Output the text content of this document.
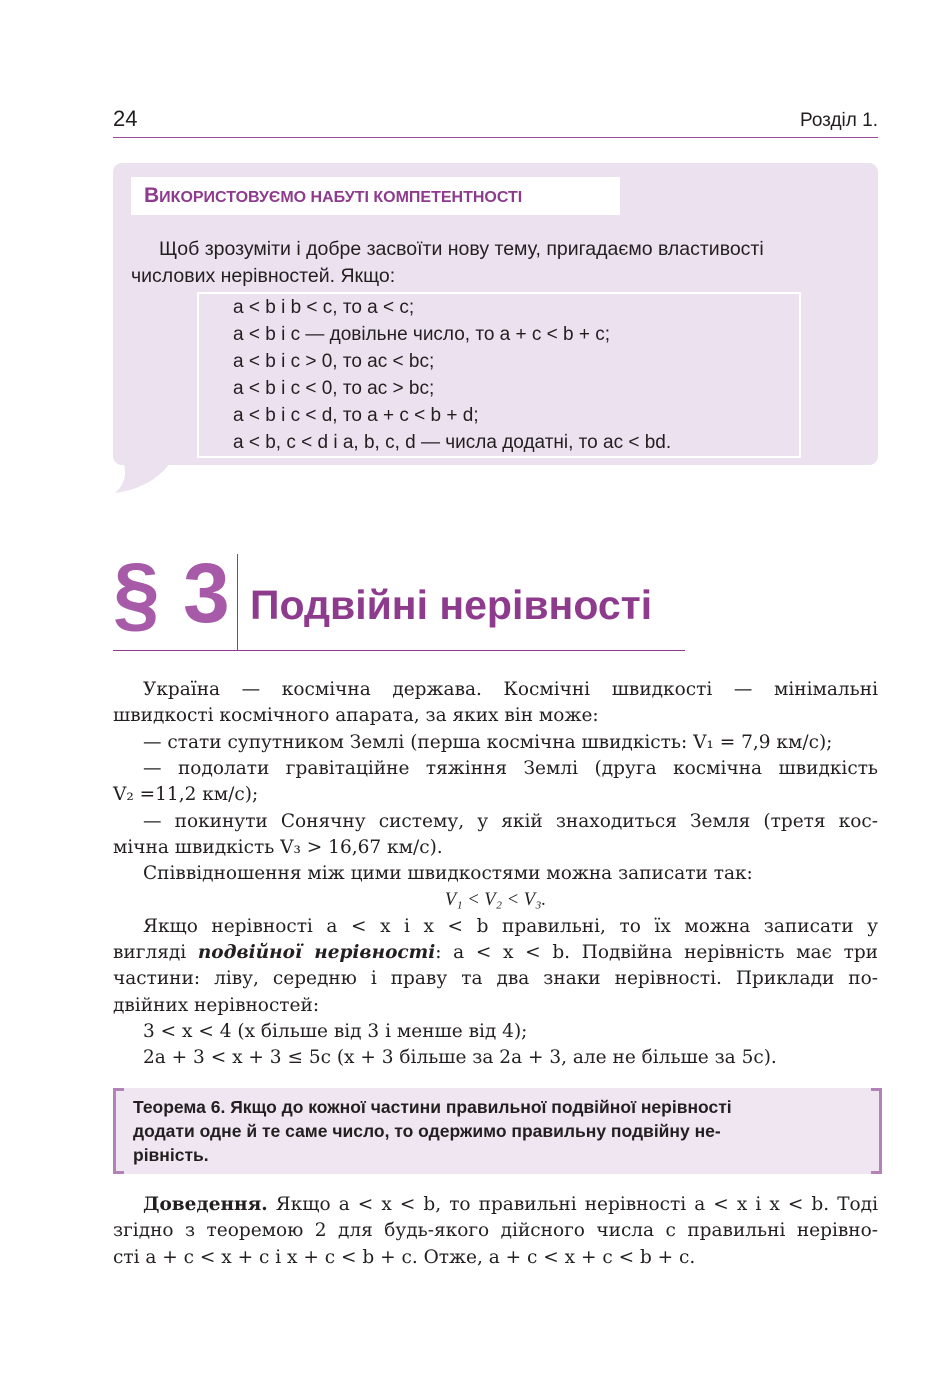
24	Розділ 1.
ВИКОРИСТОВУЄМО НАБУТІ КОМПЕТЕНТНОСТІ
Щоб зрозуміти і добре засвоїти нову тему, пригадаємо властивості
числових нерівностей. Якщо:
a < b і b < c, то a < c;
a < b і c — довільне число, то a + c < b + c;
a < b і c > 0, то ac < bc;
a < b і c < 0, то ac > bc;
a < b і c < d, то a + c < b + d;
a < b, c < d і a, b, c, d — числа додатні, то ac < bd.
§ 3 Подвійні нерівності
Україна — космічна держава. Космічні швидкості — мінімальні
швидкості космічного апарата, за яких він може:
— стати супутником Землі (перша космічна швидкість: V₁ = 7,9 км/с);
— подолати гравітаційне тяжіння Землі (друга космічна швидкість
V₂ =11,2 км/с);
— покинути Сонячну систему, у якій знаходиться Земля (третя кос-
мічна швидкість V₃ > 16,67 км/с).
Співвідношення між цими швидкостями можна записати так:
V₁ < V₂ < V₃.
Якщо нерівності a < x і x < b правильні, то їх можна записати у
вигляді подвійної нерівності: a < x < b. Подвійна нерівність має три
частини: ліву, середню і праву та два знаки нерівності. Приклади по-
двійних нерівностей:
3 < x < 4 (x більше від 3 і менше від 4);
2a + 3 < x + 3 ≤ 5c (x + 3 більше за 2a + 3, але не більше за 5c).
Теорема 6. Якщо до кожної частини правильної подвійної нерівності
додати одне й те саме число, то одержимо правильну подвійну не-
рівність.
Доведення. Якщо a < x < b, то правильні нерівності a < x і x < b. Тоді
згідно з теоремою 2 для будь-якого дійсного числа c правильні нерівно-
сті a + c < x + c і x + c < b + c. Отже, a + c < x + c < b + c.
